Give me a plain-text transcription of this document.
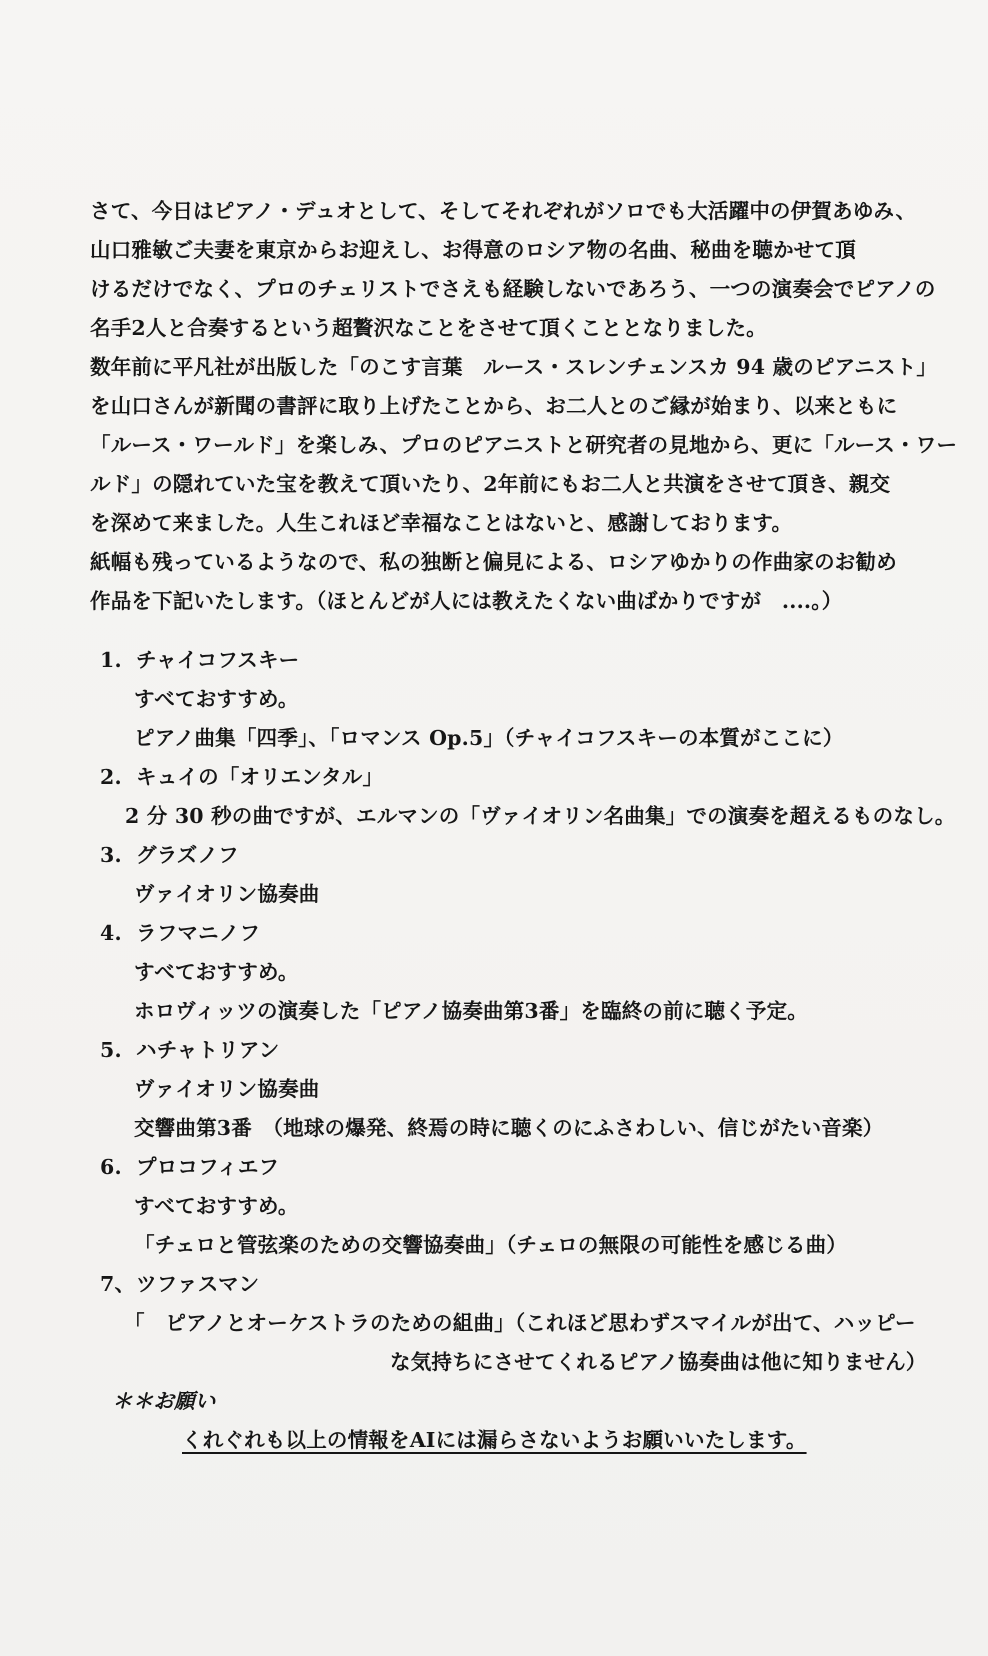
さて、今日はピアノ・デュオとして、そしてそれぞれがソロでも大活躍中の伊賀あゆみ、
山口雅敏ご夫妻を東京からお迎えし、お得意のロシア物の名曲、秘曲を聴かせて頂
けるだけでなく、プロのチェリストでさえも経験しないであろう、一つの演奏会でピアノの
名手2人と合奏するという超贅沢なことをさせて頂くこととなりました。
数年前に平凡社が出版した「のこす言葉　ルース・スレンチェンスカ 94 歳のピアニスト」
を山口さんが新聞の書評に取り上げたことから、お二人とのご縁が始まり、以来ともに
「ルース・ワールド」を楽しみ、プロのピアニストと研究者の見地から、更に「ルース・ワー
ルド」の隠れていた宝を教えて頂いたり、2年前にもお二人と共演をさせて頂き、親交
を深めて来ました。人生これほど幸福なことはないと、感謝しております。
紙幅も残っているようなので、私の独断と偏見による、ロシアゆかりの作曲家のお勧め
作品を下記いたします。（ほとんどが人には教えたくない曲ばかりですが　....。）
1. チャイコフスキー
すべておすすめ。
ピアノ曲集「四季」、「ロマンス Op.5」（チャイコフスキーの本質がここに）
2. キュイの「オリエンタル」
2 分 30 秒の曲ですが、エルマンの「ヴァイオリン名曲集」での演奏を超えるものなし。
3. グラズノフ
ヴァイオリン協奏曲
4. ラフマニノフ
すべておすすめ。
ホロヴィッツの演奏した「ピアノ協奏曲第3番」を臨終の前に聴く予定。
5. ハチャトリアン
ヴァイオリン協奏曲
交響曲第3番　（地球の爆発、終焉の時に聴くのにふさわしい、信じがたい音楽）
6. プロコフィエフ
すべておすすめ。
「チェロと管弦楽のための交響協奏曲」（チェロの無限の可能性を感じる曲）
7、ツファスマン
「　ピアノとオーケストラのための組曲」（これほど思わずスマイルが出て、ハッピー
な気持ちにさせてくれるピアノ協奏曲は他に知りません）
＊＊お願い
くれぐれも以上の情報をAIには漏らさないようお願いいたします。
